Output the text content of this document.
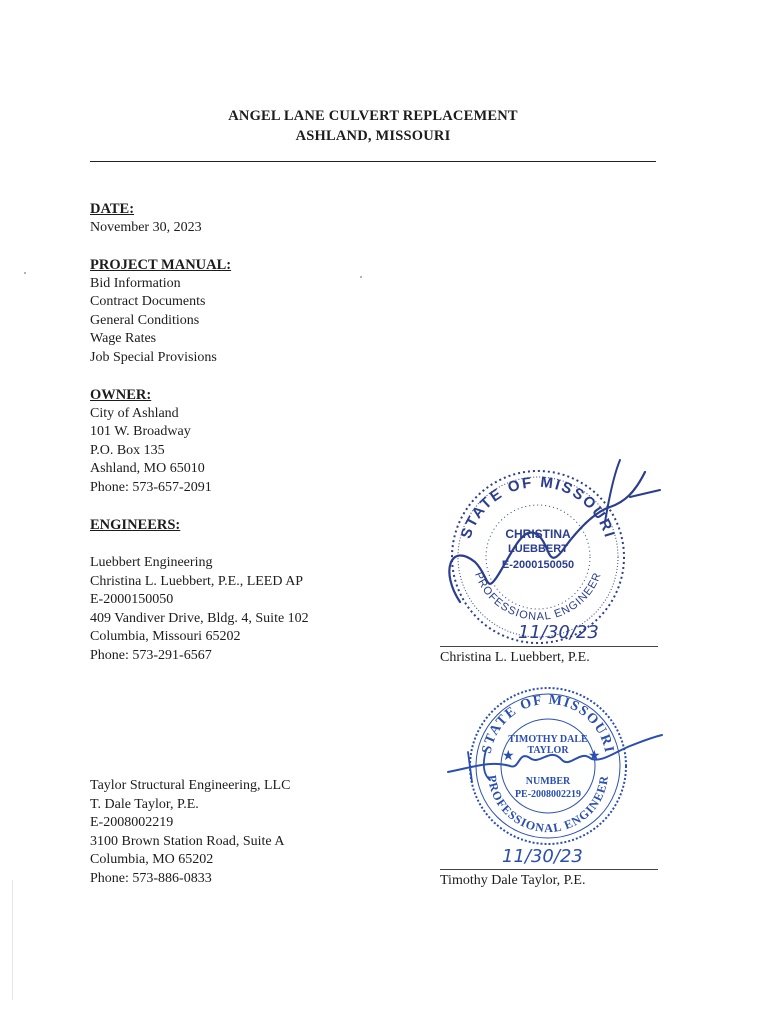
ANGEL LANE CULVERT REPLACEMENT
ASHLAND, MISSOURI
DATE:
November 30, 2023
PROJECT MANUAL:
Bid Information
Contract Documents
General Conditions
Wage Rates
Job Special Provisions
OWNER:
City of Ashland
101 W. Broadway
P.O. Box 135
Ashland, MO 65010
Phone: 573-657-2091
ENGINEERS:
Luebbert Engineering
Christina L. Luebbert, P.E., LEED AP
E-2000150050
409 Vandiver Drive, Bldg. 4, Suite 102
Columbia, Missouri 65202
Phone: 573-291-6567
Taylor Structural Engineering, LLC
T. Dale Taylor, P.E.
E-2008002219
3100 Brown Station Road, Suite A
Columbia, MO 65202
Phone: 573-886-0833
STATE OF MISSOURI
PROFESSIONAL ENGINEER
CHRISTINA
LUEBBERT
E-2000150050
11/30/23
Christina L. Luebbert, P.E.
STATE OF MISSOURI
PROFESSIONAL ENGINEER
★	★
TIMOTHY DALE
TAYLOR
NUMBER
PE-2008002219
11/30/23
Timothy Dale Taylor, P.E.
